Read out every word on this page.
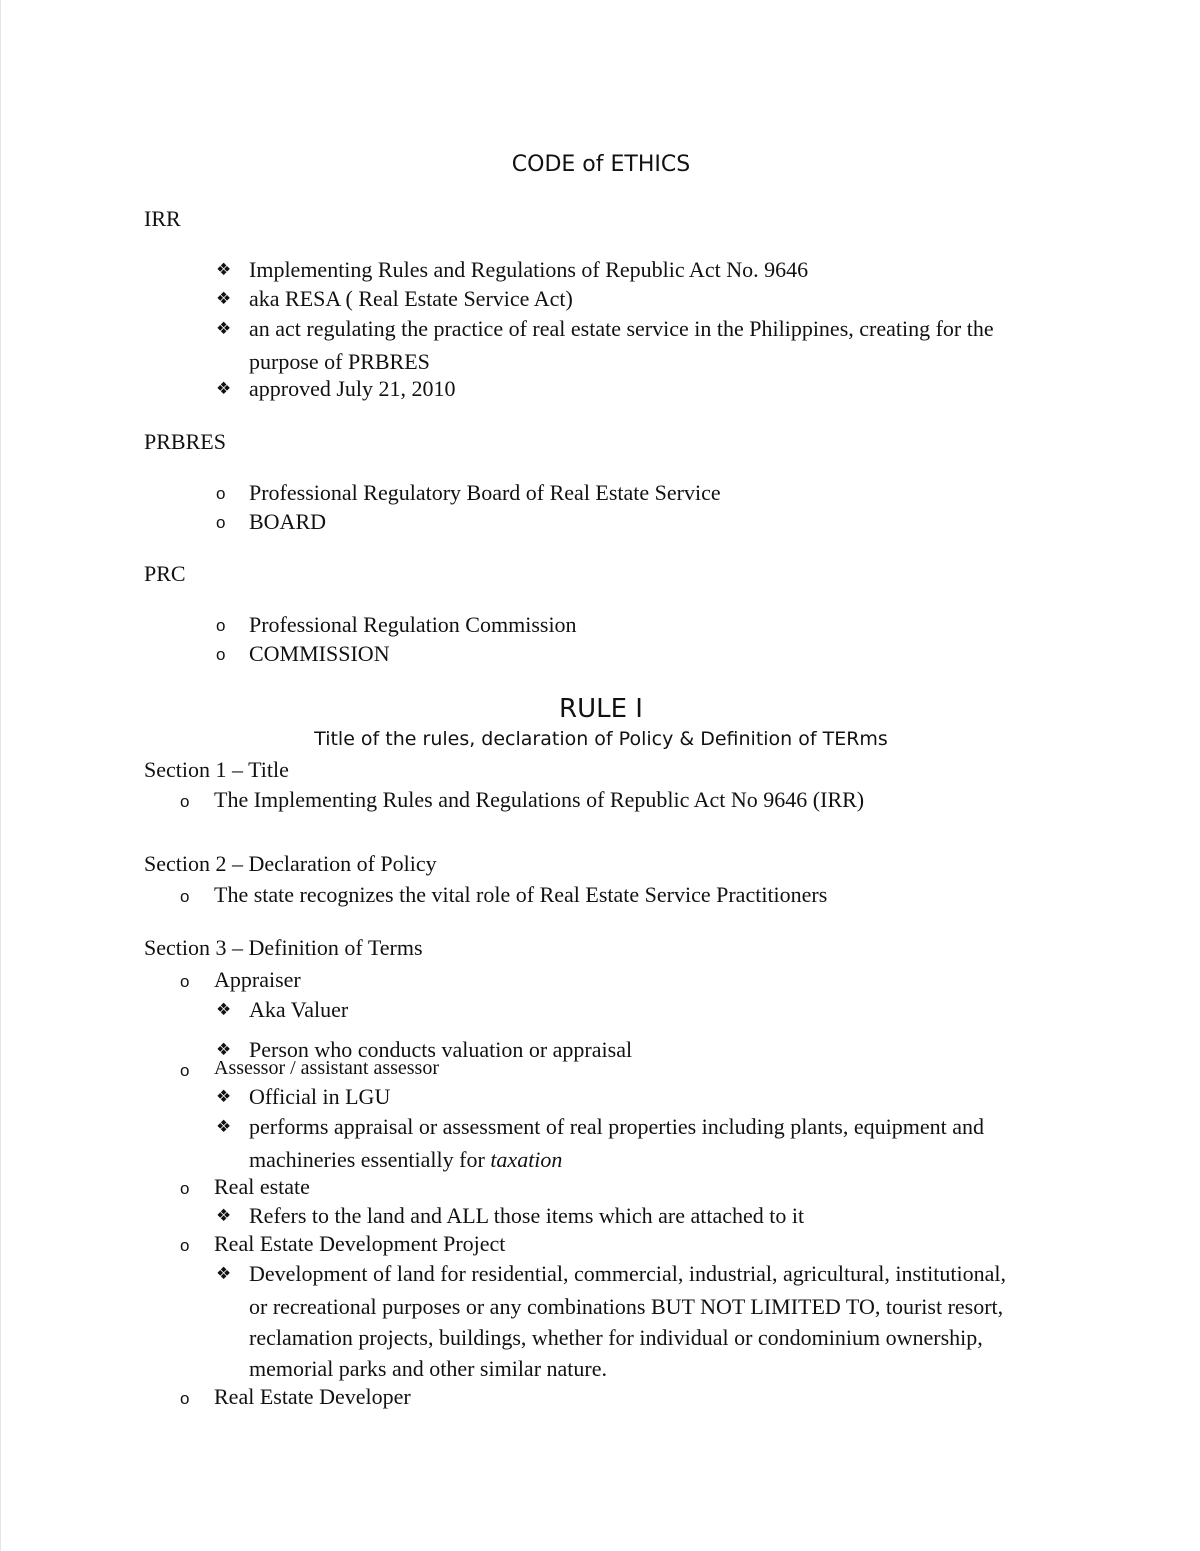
CODE of ETHICS
IRR
❖ Implementing Rules and Regulations of Republic Act No. 9646
❖ aka RESA ( Real Estate Service Act)
❖ an act regulating the practice of real estate service in the Philippines, creating for the
purpose of PRBRES
❖ approved July 21, 2010
PRBRES
o Professional Regulatory Board of Real Estate Service
o BOARD
PRC
o Professional Regulation Commission
o COMMISSION
RULE I
Title of the rules, declaration of Policy & Definition of TERms
Section 1 – Title
o The Implementing Rules and Regulations of Republic Act No 9646 (IRR)
Section 2 – Declaration of Policy
o The state recognizes the vital role of Real Estate Service Practitioners
Section 3 – Definition of Terms
o Appraiser
❖ Aka Valuer
❖ Person who conducts valuation or appraisal
o Assessor / assistant assessor
❖ Official in LGU
❖ performs appraisal or assessment of real properties including plants, equipment and
machineries essentially for taxation
o Real estate
❖ Refers to the land and ALL those items which are attached to it
o Real Estate Development Project
❖ Development of land for residential, commercial, industrial, agricultural, institutional,
or recreational purposes or any combinations BUT NOT LIMITED TO, tourist resort,
reclamation projects, buildings, whether for individual or condominium ownership,
memorial parks and other similar nature.
o Real Estate Developer
